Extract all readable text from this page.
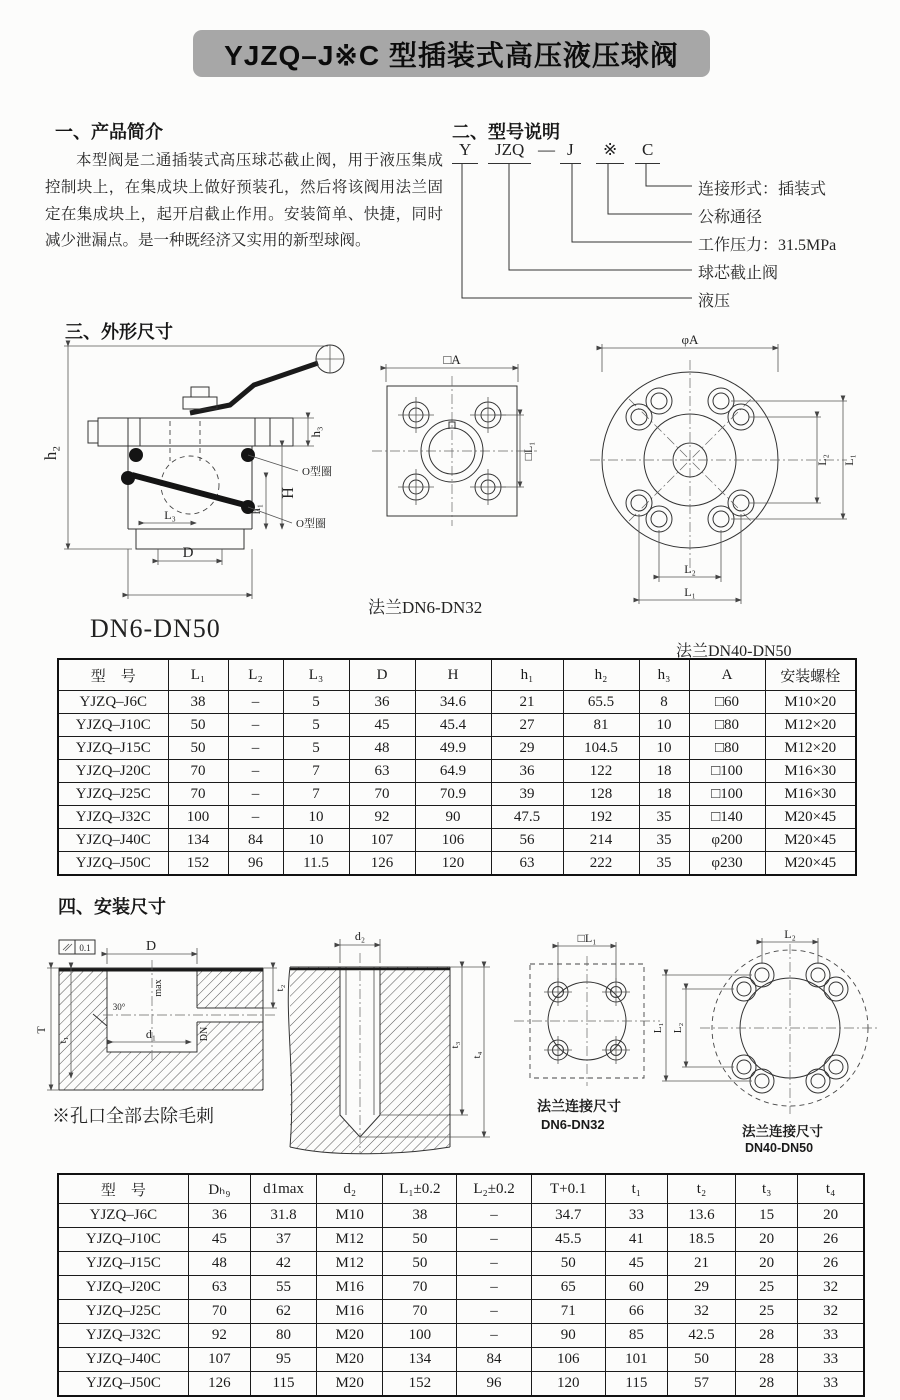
YJZQ–J※C 型插装式高压液压球阀
一、产品简介

本型阀是二通插装式高压球芯截止阀，用于液压集成控制块上，在集成块上做好预装孔，然后将该阀用法兰固定在集成块上，起开启截止作用。安装简单、快捷，同时减少泄漏点。是一种既经济又实用的新型球阀。

二、型号说明
Y	JZQ — J	※	C
连接形式：插装式
公称通径
工作压力：31.5MPa
球芯截止阀
液压
三、外形尺寸
h₂
h₃
H
h₁
L₃
D
O型圈
O型圈
□A
□L₁
法兰DN6-DN32
φA
L₂ L₁
L₂
L₁
法兰DN40-DN50
DN6-DN50
型　号	L₁	L₂	L₃	D	H	h₁	h₂	h₃	A	安装螺栓
YJZQ–J6C	38	–	5	36	34.6	21	65.5	8	□60	M10×20
YJZQ–J10C	50	–	5	45	45.4	27	81	10	□80	M12×20
YJZQ–J15C	50	–	5	48	49.9	29	104.5	10	□80	M12×20
YJZQ–J20C	70	–	7	63	64.9	36	122	18	□100	M16×30
YJZQ–J25C	70	–	7	70	70.9	39	128	18	□100	M16×30
YJZQ–J32C	100	–	10	92	90	47.5	192	35	□140	M20×45
YJZQ–J40C	134	84	10	107	106	56	214	35	φ200	M20×45
YJZQ–J50C	152	96	11.5	126	120	63	222	35	φ230	M20×45
四、安装尺寸
0.1	D
T
t₁	d₁
t₂
DN
max
30°
※孔口全部去除毛刺
d₂
t₃
t₄
□L₁
法兰连接尺寸
DN6-DN32
L₂
L₁ L₂
法兰连接尺寸
DN40-DN50
型　号	Dₕ₉	d1max	d₂	L₁±0.2	L₂±0.2	T+0.1	t₁	t₂	t₃	t₄
YJZQ–J6C	36	31.8	M10	38	–	34.7	33	13.6	15	20
YJZQ–J10C	45	37	M12	50	–	45.5	41	18.5	20	26
YJZQ–J15C	48	42	M12	50	–	50	45	21	20	26
YJZQ–J20C	63	55	M16	70	–	65	60	29	25	32
YJZQ–J25C	70	62	M16	70	–	71	66	32	25	32
YJZQ–J32C	92	80	M20	100	–	90	85	42.5	28	33
YJZQ–J40C	107	95	M20	134	84	106	101	50	28	33
YJZQ–J50C	126	115	M20	152	96	120	115	57	28	33
